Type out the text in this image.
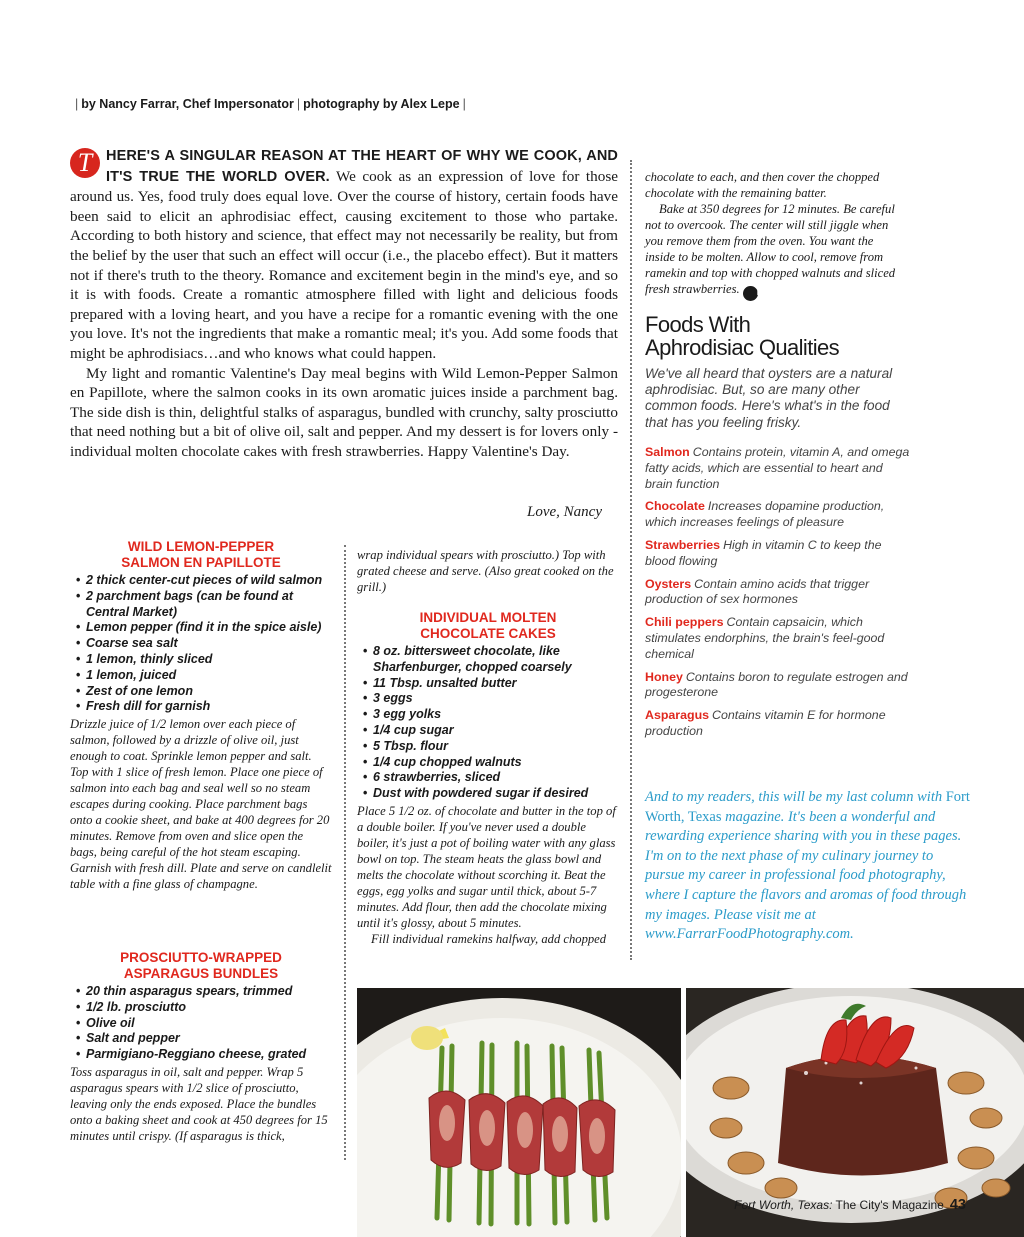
| by Nancy Farrar, Chef Impersonator | photography by Alex Lepe |

T HERE'S A SINGULAR REASON AT THE HEART OF WHY WE COOK, AND IT'S TRUE THE WORLD OVER. We cook as an expression of love for those around us. Yes, food truly does equal love. Over the course of history, certain foods have been said to elicit an aphrodisiac effect, causing excitement to those who partake. According to both history and science, that effect may not necessarily be reality, but from the belief by the user that such an effect will occur (i.e., the placebo effect). But it matters not if there's truth to the theory. Romance and excitement begin in the mind's eye, and so it is with foods. Create a romantic atmosphere filled with light and delicious foods prepared with a loving heart, and you have a recipe for a romantic evening with the one you love. It's not the ingredients that make a romantic meal; it's you. Add some foods that might be aphrodisiacs…and who knows what could happen.

My light and romantic Valentine's Day meal begins with Wild Lemon-Pepper Salmon en Papillote, where the salmon cooks in its own aromatic juices inside a parchment bag. The side dish is thin, delightful stalks of asparagus, bundled with crunchy, salty prosciutto that need nothing but a bit of olive oil, salt and pepper. And my dessert is for lovers only - individual molten chocolate cakes with fresh strawberries. Happy Valentine's Day.

Love, Nancy
WILD LEMON-PEPPER SALMON EN PAPILLOTE
• 2 thick center-cut pieces of wild salmon
• 2 parchment bags (can be found at Central Market)
• Lemon pepper (find it in the spice aisle)
• Coarse sea salt
• 1 lemon, thinly sliced
• 1 lemon, juiced
• Zest of one lemon
• Fresh dill for garnish
Drizzle juice of 1/2 lemon over each piece of salmon, followed by a drizzle of olive oil, just enough to coat. Sprinkle lemon pepper and salt. Top with 1 slice of fresh lemon. Place one piece of salmon into each bag and seal well so no steam escapes during cooking. Place parchment bags onto a cookie sheet, and bake at 400 degrees for 20 minutes. Remove from oven and slice open the bags, being careful of the hot steam escaping. Garnish with fresh dill. Plate and serve on candlelit table with a fine glass of champagne.
PROSCIUTTO-WRAPPED ASPARAGUS BUNDLES
• 20 thin asparagus spears, trimmed
• 1/2 lb. prosciutto
• Olive oil
• Salt and pepper
• Parmigiano-Reggiano cheese, grated
Toss asparagus in oil, salt and pepper. Wrap 5 asparagus spears with 1/2 slice of prosciutto, leaving only the ends exposed. Place the bundles onto a baking sheet and cook at 450 degrees for 15 minutes until crispy. (If asparagus is thick,
wrap individual spears with prosciutto.) Top with grated cheese and serve. (Also great cooked on the grill.)
INDIVIDUAL MOLTEN CHOCOLATE CAKES
• 8 oz. bittersweet chocolate, like Sharfenburger, chopped coarsely
• 11 Tbsp. unsalted butter
• 3 eggs
• 3 egg yolks
• 1/4 cup sugar
• 5 Tbsp. flour
• 1/4 cup chopped walnuts
• 6 strawberries, sliced
• Dust with powdered sugar if desired

Place 5 1/2 oz. of chocolate and butter in the top of a double boiler. If you've never used a double boiler, it's just a pot of boiling water with any glass bowl on top. The steam heats the glass bowl and melts the chocolate without scorching it. Beat the eggs, egg yolks and sugar until thick, about 5-7 minutes. Add flour, then add the chocolate mixing until it's glossy, about 5 minutes.

Fill individual ramekins halfway, add chopped

chocolate to each, and then cover the chopped chocolate with the remaining batter.

Bake at 350 degrees for 12 minutes. Be careful not to overcook. The center will still jiggle when you remove them from the oven. You want the inside to be molten. Allow to cool, remove from ramekin and top with chopped walnuts and sliced fresh strawberries. FW

Foods With
Aphrodisiac Qualities
We've all heard that oysters are a natural aphrodisiac. But, so are many other common foods. Here's what's in the food that has you feeling frisky.
Salmon Contains protein, vitamin A, and omega fatty acids, which are essential to heart and brain function
Chocolate Increases dopamine production, which increases feelings of pleasure
Strawberries High in vitamin C to keep the blood flowing
Oysters Contain amino acids that trigger production of sex hormones
Chili peppers Contain capsaicin, which stimulates endorphins, the brain's feel-good chemical
Honey Contains boron to regulate estrogen and progesterone
Asparagus Contains vitamin E for hormone production
And to my readers, this will be my last column with Fort Worth, Texas magazine. It's been a wonderful and rewarding experience sharing with you in these pages. I'm on to the next phase of my culinary journey to pursue my career in professional food photography, where I capture the flavors and aromas of food through my images. Please visit me at www.FarrarFoodPhotography.com.
Fort Worth, Texas: The City's Magazine 43
